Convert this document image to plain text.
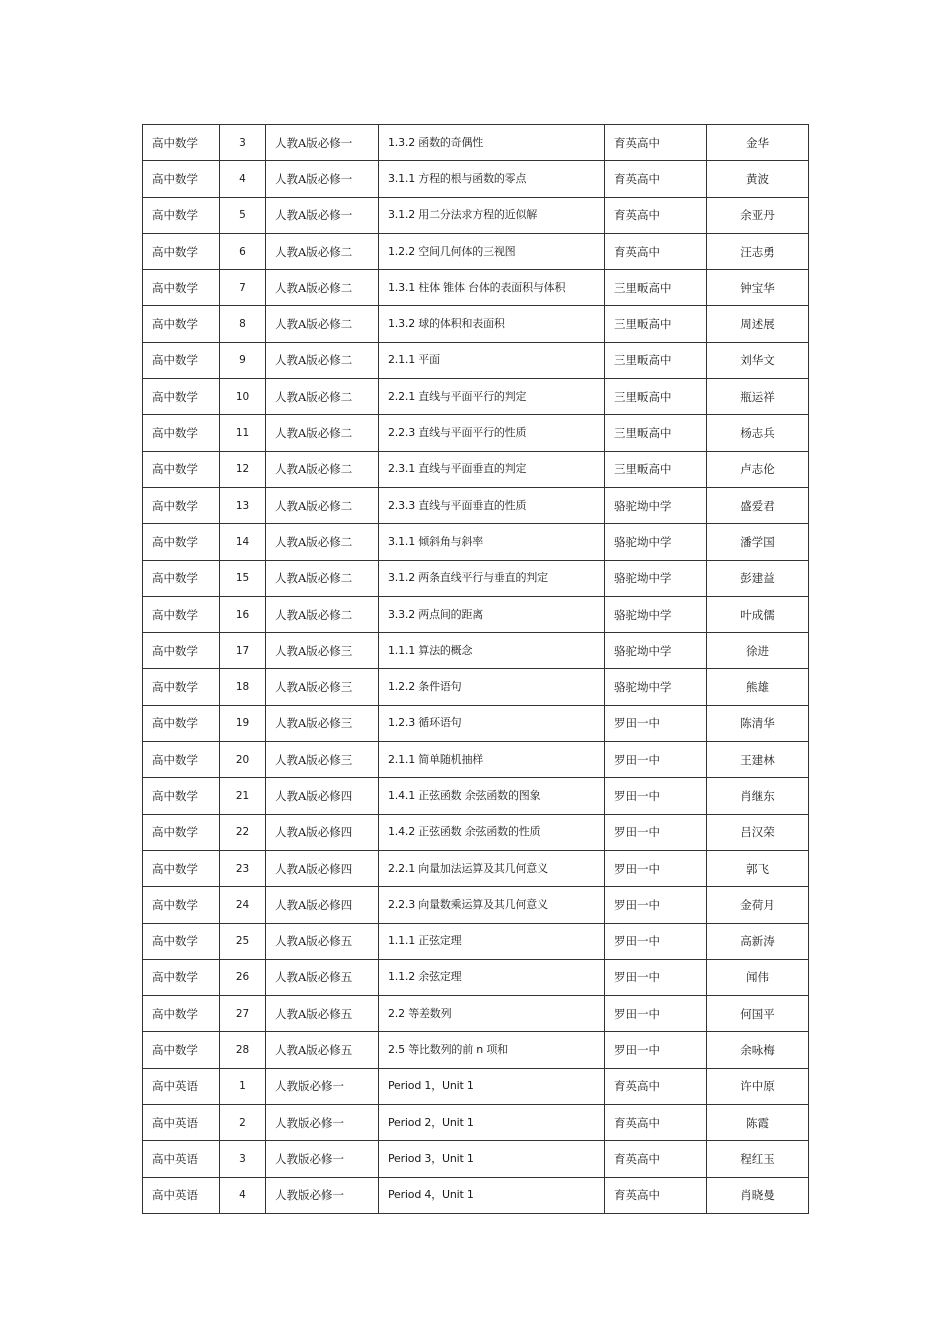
高中数学	3	人教A版必修一	1.3.2 函数的奇偶性	育英高中	金华
高中数学	4	人教A版必修一	3.1.1 方程的根与函数的零点	育英高中	黄波
高中数学	5	人教A版必修一	3.1.2 用二分法求方程的近似解	育英高中	余亚丹
高中数学	6	人教A版必修二	1.2.2 空间几何体的三视图	育英高中	汪志勇
高中数学	7	人教A版必修二	1.3.1 柱体 锥体 台体的表面积与体积	三里畈高中	钟宝华
高中数学	8	人教A版必修二	1.3.2 球的体积和表面积	三里畈高中	周述展
高中数学	9	人教A版必修二	2.1.1 平面	三里畈高中	刘华文
高中数学	10	人教A版必修二	2.2.1 直线与平面平行的判定	三里畈高中	瓶运祥
高中数学	11	人教A版必修二	2.2.3 直线与平面平行的性质	三里畈高中	杨志兵
高中数学	12	人教A版必修二	2.3.1 直线与平面垂直的判定	三里畈高中	卢志伦
高中数学	13	人教A版必修二	2.3.3 直线与平面垂直的性质	骆驼坳中学	盛爱君
高中数学	14	人教A版必修二	3.1.1 倾斜角与斜率	骆驼坳中学	潘学国
高中数学	15	人教A版必修二	3.1.2 两条直线平行与垂直的判定	骆驼坳中学	彭建益
高中数学	16	人教A版必修二	3.3.2 两点间的距离	骆驼坳中学	叶成儒
高中数学	17	人教A版必修三	1.1.1 算法的概念	骆驼坳中学	徐进
高中数学	18	人教A版必修三	1.2.2 条件语句	骆驼坳中学	熊雄
高中数学	19	人教A版必修三	1.2.3 循环语句	罗田一中	陈清华
高中数学	20	人教A版必修三	2.1.1 简单随机抽样	罗田一中	王建林
高中数学	21	人教A版必修四	1.4.1 正弦函数 余弦函数的图象	罗田一中	肖继东
高中数学	22	人教A版必修四	1.4.2 正弦函数 余弦函数的性质	罗田一中	吕汉荣
高中数学	23	人教A版必修四	2.2.1 向量加法运算及其几何意义	罗田一中	郭飞
高中数学	24	人教A版必修四	2.2.3 向量数乘运算及其几何意义	罗田一中	金荷月
高中数学	25	人教A版必修五	1.1.1 正弦定理	罗田一中	高新涛
高中数学	26	人教A版必修五	1.1.2 余弦定理	罗田一中	闻伟
高中数学	27	人教A版必修五	2.2 等差数列	罗田一中	何国平
高中数学	28	人教A版必修五	2.5 等比数列的前 n 项和	罗田一中	余咏梅
高中英语	1	人教版必修一	Period 1，Unit 1	育英高中	许中原
高中英语	2	人教版必修一	Period 2，Unit 1	育英高中	陈霞
高中英语	3	人教版必修一	Period 3，Unit 1	育英高中	程红玉
高中英语	4	人教版必修一	Period 4，Unit 1	育英高中	肖晓曼
